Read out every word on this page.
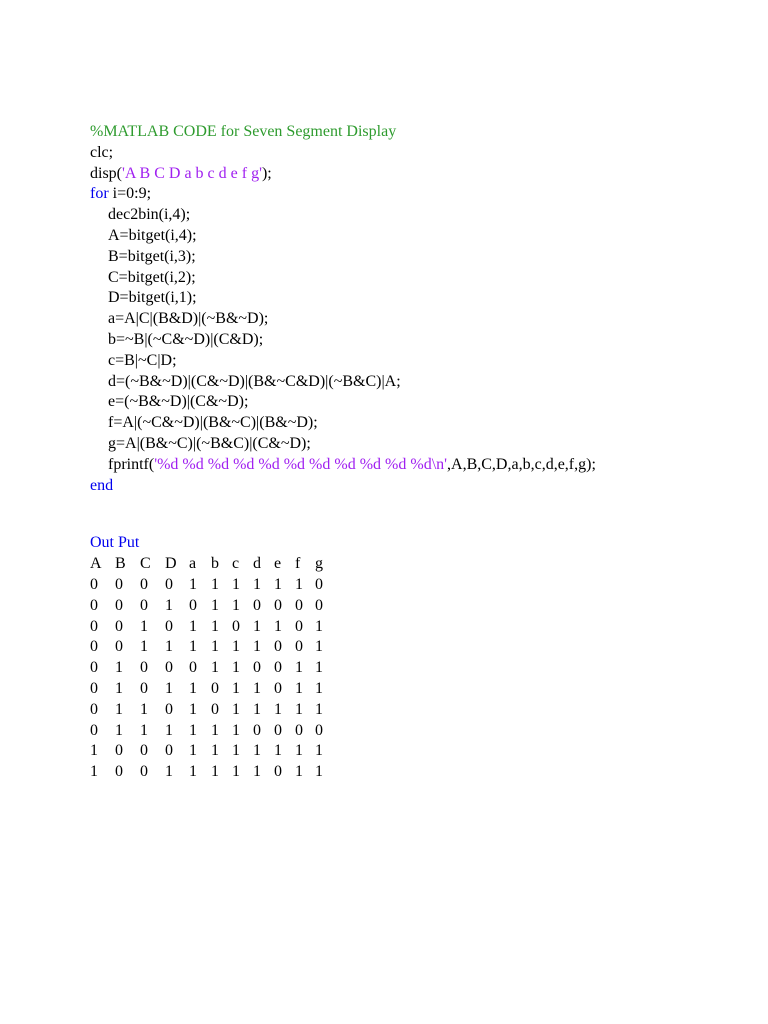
%MATLAB CODE for Seven Segment Display
clc;
disp('A B C D a b c d e f g');
for i=0:9;
dec2bin(i,4);
A=bitget(i,4);
B=bitget(i,3);
C=bitget(i,2);
D=bitget(i,1);
a=A|C|(B&D)|(~B&~D);
b=~B|(~C&~D)|(C&D);
c=B|~C|D;
d=(~B&~D)|(C&~D)|(B&~C&D)|(~B&C)|A;
e=(~B&~D)|(C&~D);
f=A|(~C&~D)|(B&~C)|(B&~D);
g=A|(B&~C)|(~B&C)|(C&~D);
fprintf('%d %d %d %d %d %d %d %d %d %d %d\n',A,B,C,D,a,b,c,d,e,f,g);
end
Out Put
A	B	C	D	a	b	c	d	e	f	g
0	0	0	0	1	1	1	1	1	1	0
0	0	0	1	0	1	1	0	0	0	0
0	0	1	0	1	1	0	1	1	0	1
0	0	1	1	1	1	1	1	0	0	1
0	1	0	0	0	1	1	0	0	1	1
0	1	0	1	1	0	1	1	0	1	1
0	1	1	0	1	0	1	1	1	1	1
0	1	1	1	1	1	1	0	0	0	0
1	0	0	0	1	1	1	1	1	1	1
1	0	0	1	1	1	1	1	0	1	1
